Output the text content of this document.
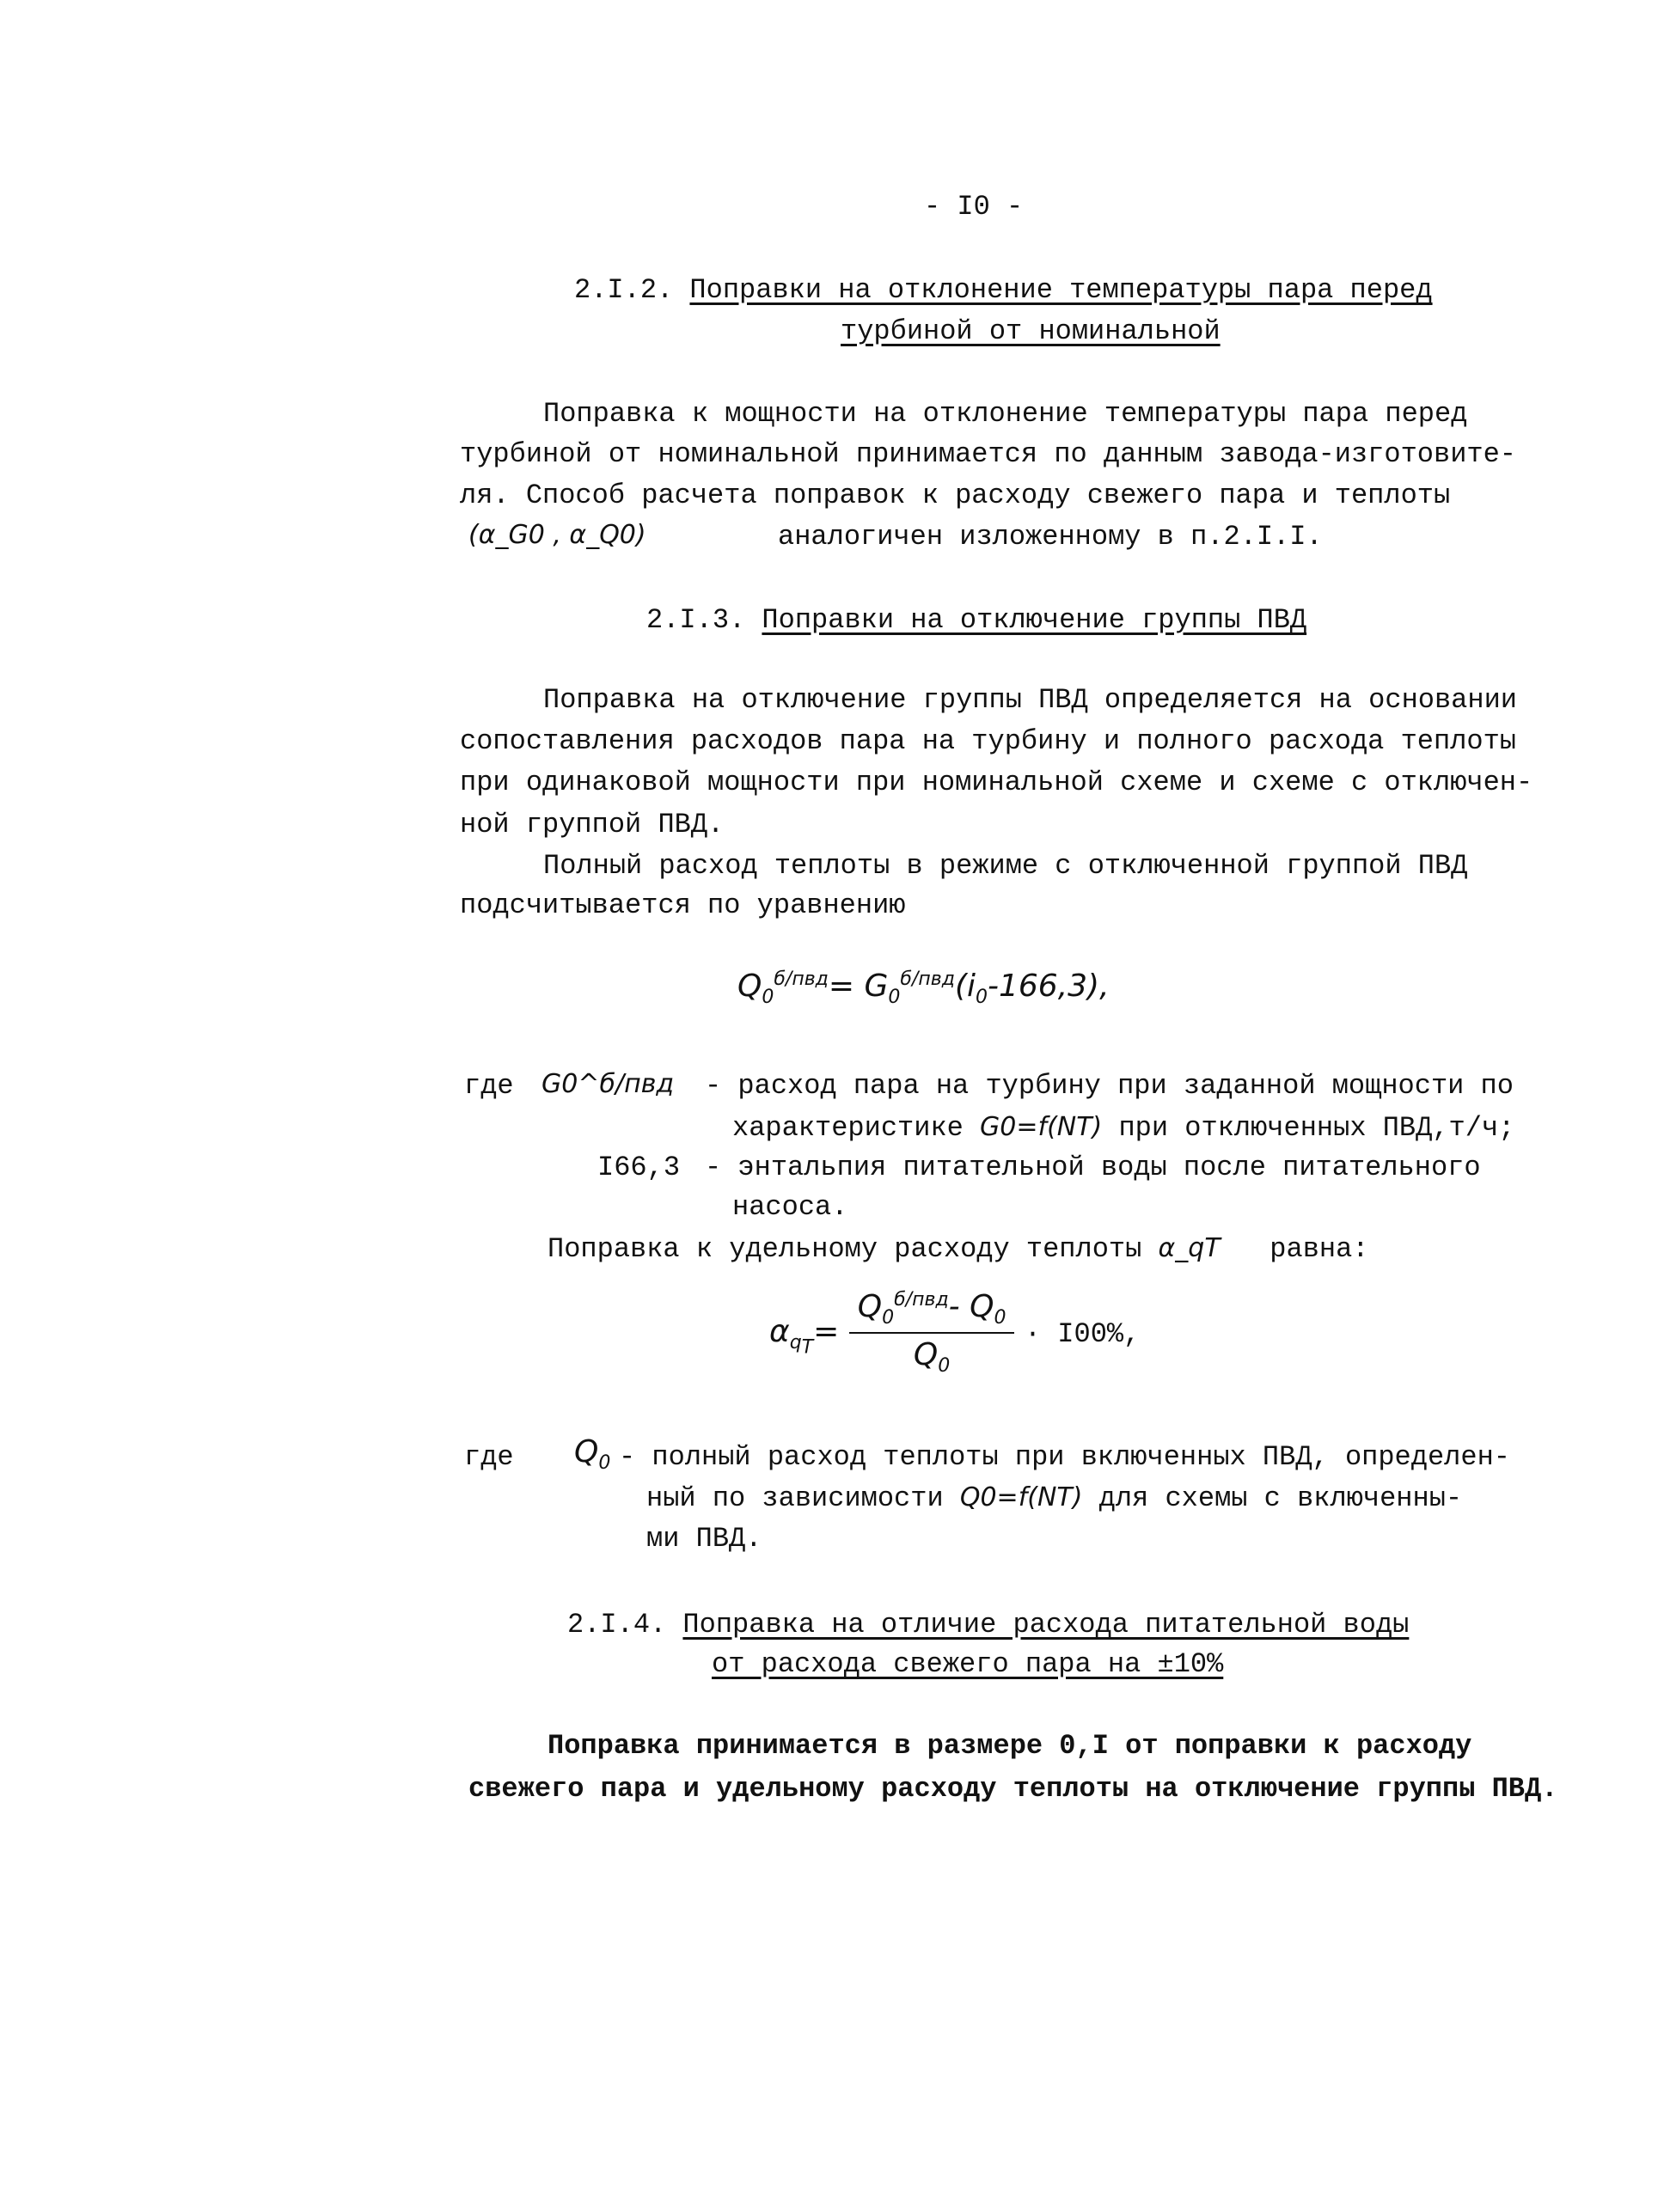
- I0 -
2.I.2. Поправки на отклонение температуры пара перед
турбиной от номинальной
Поправка к мощности на отклонение температуры пара перед
турбиной от номинальной принимается по данным завода-изготовите-
ля. Способ расчета поправок к расходу свежего пара и теплоты
(α_G0 , α_Q0)	аналогичен изложенному в п.2.I.I.
2.I.3. Поправки на отключение группы ПВД
Поправка на отключение группы ПВД определяется на основании
сопоставления расходов пара на турбину и полного расхода теплоты
при одинаковой мощности при номинальной схеме и схеме с отключен-
ной группой ПВД.
Полный расход теплоты в режиме с отключенной группой ПВД
подсчитывается по уравнению
$Q_0^{б/пвд}= G_0^{б/пвд}(i_0-166,3)$,
где G0^б/пвд - расход пара на турбину при заданной мощности по
характеристике G0=f(NT) при отключенных ПВД,т/ч;
I66,3 - энтальпия питательной воды после питательного
насоса.
Поправка к удельному расходу теплоты α_qT равна:
$\alpha_{q_T}= \frac{Q_0^{б/пвд}- Q_0}{Q_0} \cdot I00\%$,
где $Q_0$ - полный расход теплоты при включенных ПВД, определен-
ный по зависимости Q0=f(NT) для схемы с включенны-
ми ПВД.
2.I.4. Поправка на отличие расхода питательной воды
от расхода свежего пара на ±10%
Поправка принимается в размере 0,I от поправки к расходу
свежего пара и удельному расходу теплоты на отключение группы ПВД.
